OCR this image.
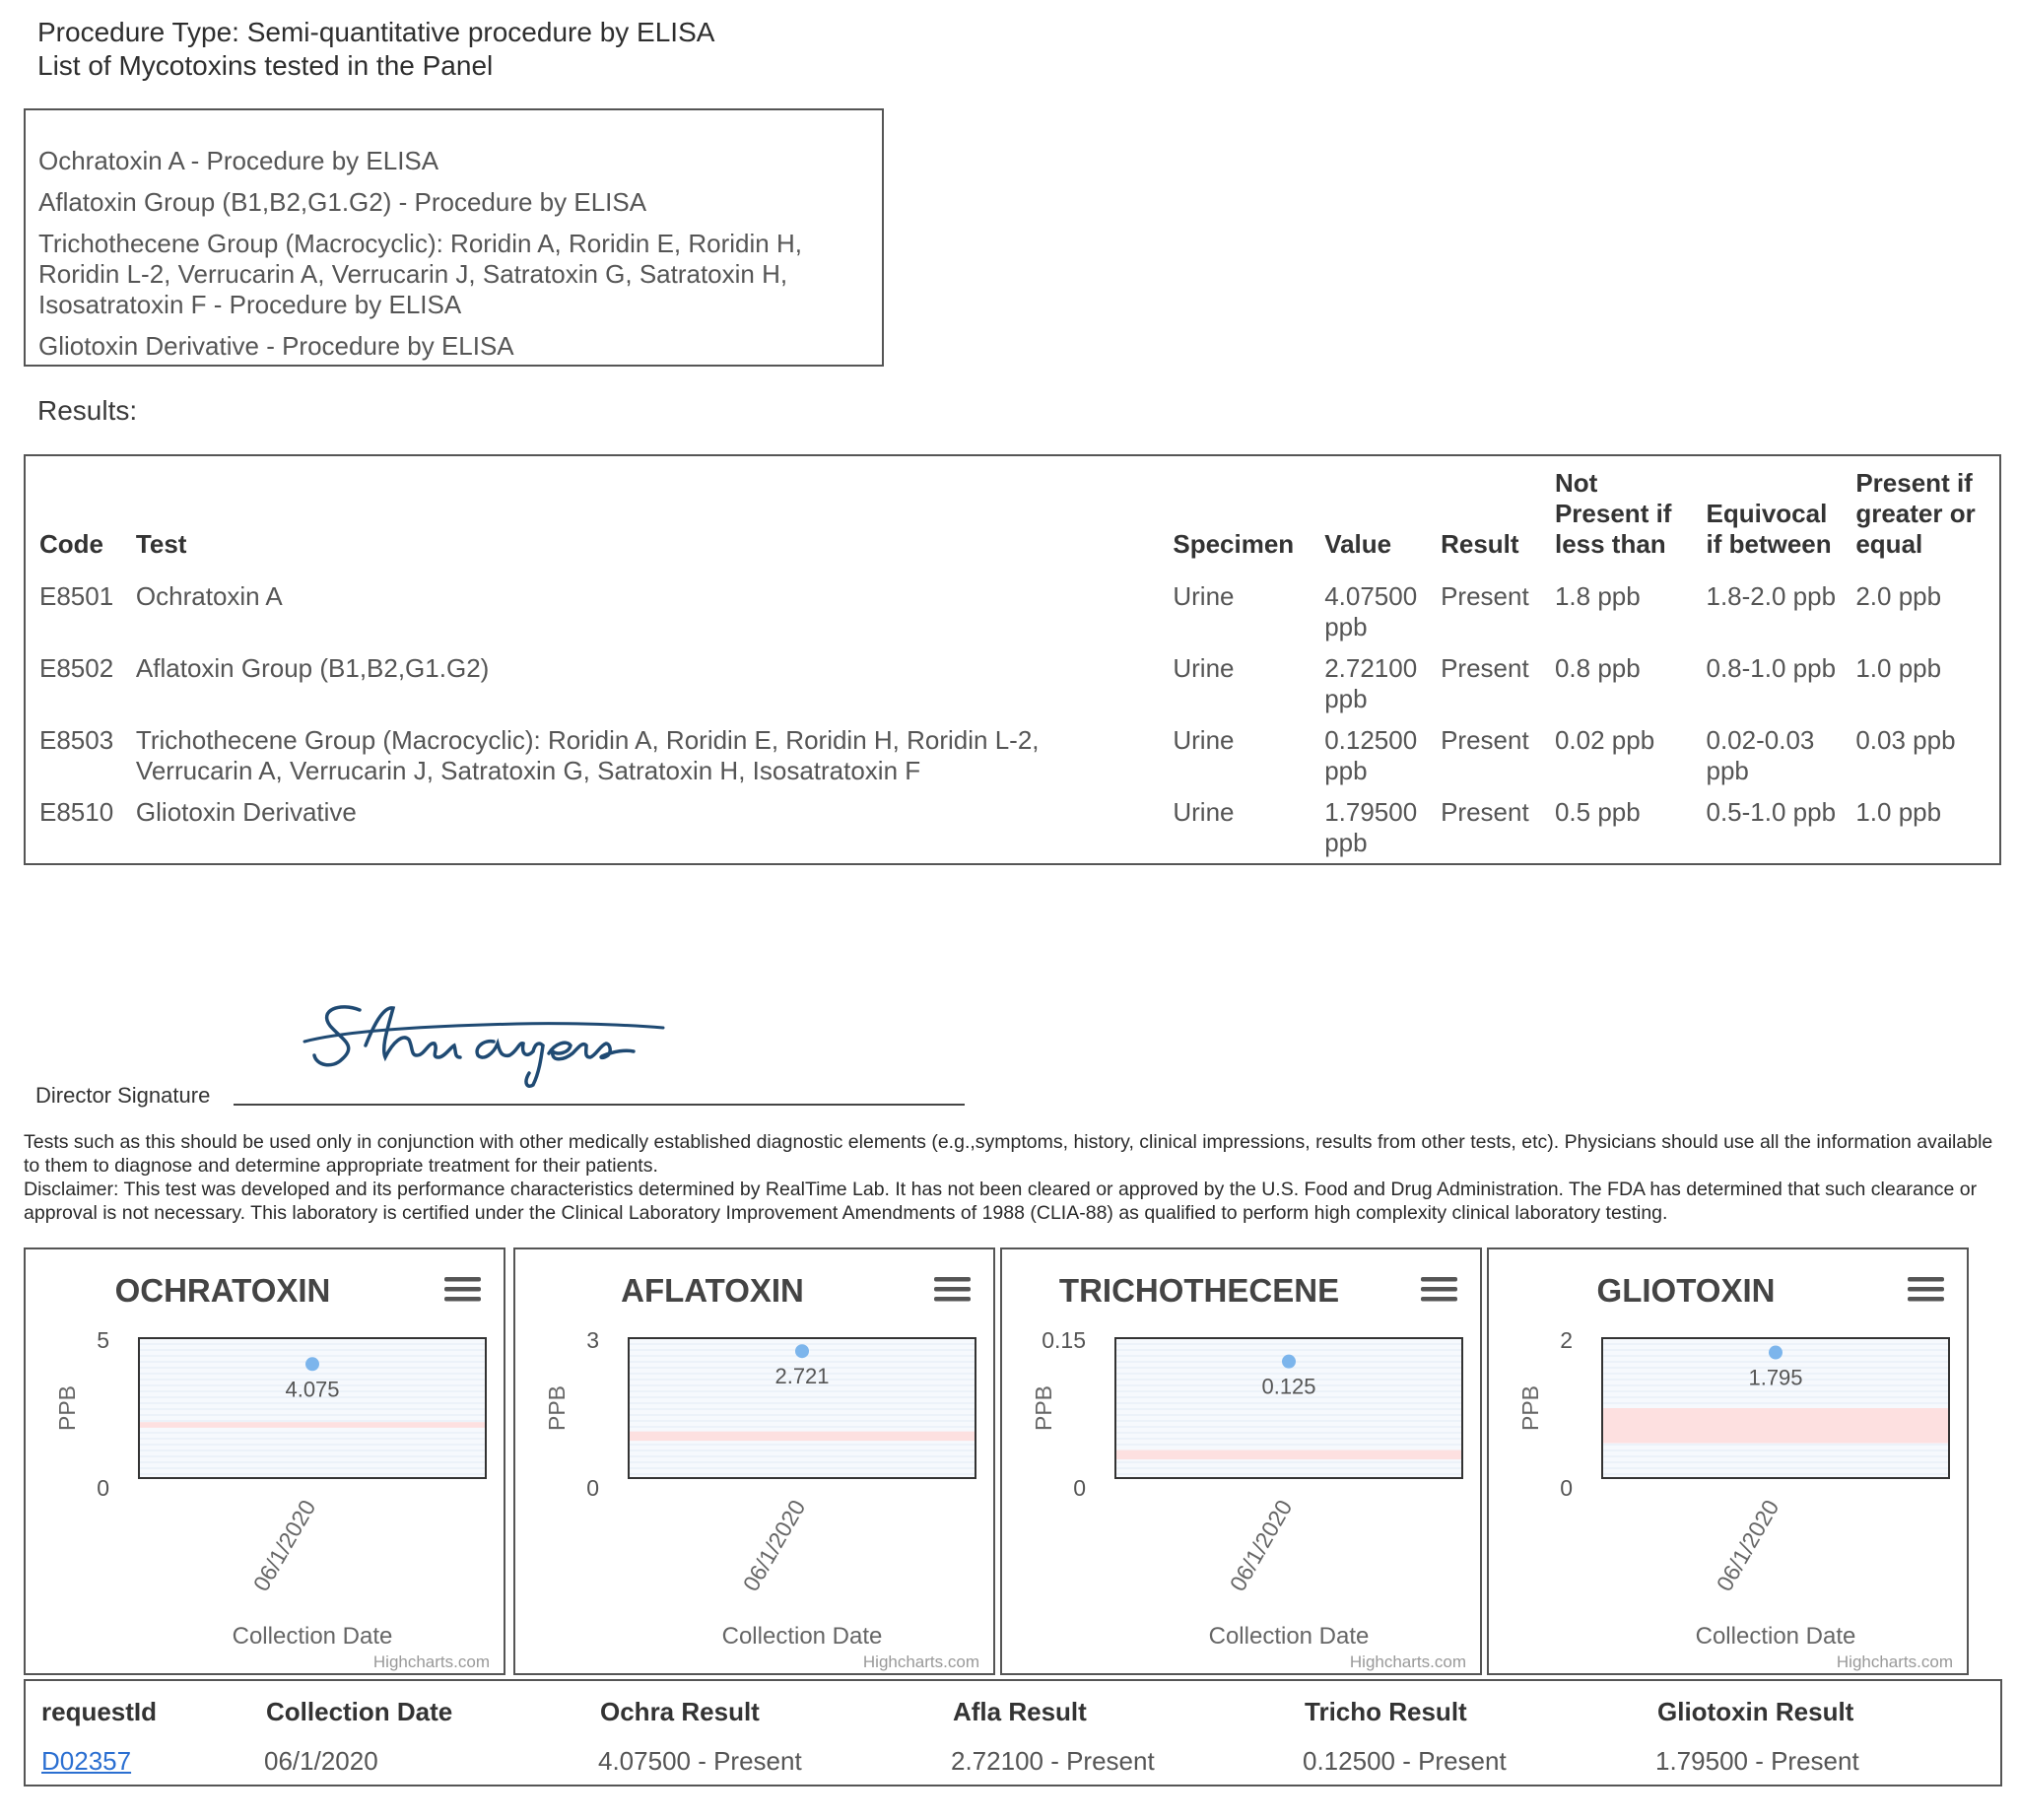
Procedure Type: Semi-quantitative procedure by ELISA
List of Mycotoxins tested in the Panel
Ochratoxin A - Procedure by ELISA
Aflatoxin Group (B1,B2,G1.G2) - Procedure by ELISA
Trichothecene Group (Macrocyclic): Roridin A, Roridin E, Roridin H, Roridin L-2, Verrucarin A, Verrucarin J, Satratoxin G, Satratoxin H, Isosatratoxin F - Procedure by ELISA
Gliotoxin Derivative - Procedure by ELISA
Results:
Code	Test	Specimen	Value	Result	Not Present if less than	Equivocal if between	Present if greater or equal
E8501	Ochratoxin A	Urine	4.07500 ppb	Present	1.8 ppb	1.8-2.0 ppb	2.0 ppb
E8502	Aflatoxin Group (B1,B2,G1.G2)	Urine	2.72100 ppb	Present	0.8 ppb	0.8-1.0 ppb	1.0 ppb
E8503	Trichothecene Group (Macrocyclic): Roridin A, Roridin E, Roridin H, Roridin L-2, Verrucarin A, Verrucarin J, Satratoxin G, Satratoxin H, Isosatratoxin F	Urine	0.12500 ppb	Present	0.02 ppb	0.02-0.03 ppb	0.03 ppb
E8510	Gliotoxin Derivative	Urine	1.79500 ppb	Present	0.5 ppb	0.5-1.0 ppb	1.0 ppb
SheriAyers
Director Signature
Tests such as this should be used only in conjunction with other medically established diagnostic elements (e.g.,symptoms, history, clinical impressions, results from other tests, etc). Physicians should use all the information available to them to diagnose and determine appropriate treatment for their patients.
Disclaimer: This test was developed and its performance characteristics determined by RealTime Lab. It has not been cleared or approved by the U.S. Food and Drug Administration. The FDA has determined that such clearance or approval is not necessary. This laboratory is certified under the Clinical Laboratory Improvement Amendments of 1988 (CLIA-88) as qualified to perform high complexity clinical laboratory testing.
OCHRATOXIN
5
0
PPB	4.075
06/1/2020
Collection Date
Highcharts.com
AFLATOXIN
3
0
PPB
2.721
06/1/2020
Collection Date
Highcharts.com
TRICHOTHECENE
0.15
0
PPB	0.125
06/1/2020
Collection Date
Highcharts.com
GLIOTOXIN
2
0
PPB
1.795
06/1/2020
Collection Date
Highcharts.com
requestId	Collection Date	Ochra Result	Afla Result	Tricho Result	Gliotoxin Result
D02357	06/1/2020	4.07500 - Present	2.72100 - Present	0.12500 - Present	1.79500 - Present
